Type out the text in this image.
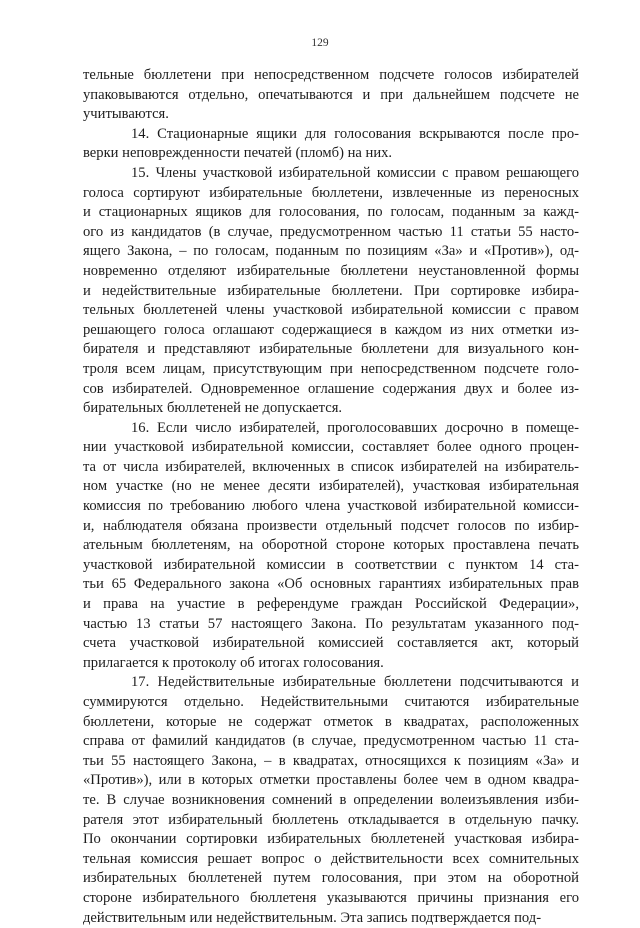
129
тельные бюллетени при непосредственном подсчете голосов избирателей
упаковываются отдельно, опечатываются и при дальнейшем подсчете не
учитываются.
14. Стационарные ящики для голосования вскрываются после про-
верки неповрежденности печатей (пломб) на них.
15. Члены участковой избирательной комиссии с правом решающего
голоса сортируют избирательные бюллетени, извлеченные из переносных
и стационарных ящиков для голосования, по голосам, поданным за кажд-
ого из кандидатов (в случае, предусмотренном частью 11 статьи 55 насто-
ящего Закона, – по голосам, поданным по позициям «За» и «Против»), од-
новременно отделяют избирательные бюллетени неустановленной формы
и недействительные избирательные бюллетени. При сортировке избира-
тельных бюллетеней члены участковой избирательной комиссии с правом
решающего голоса оглашают содержащиеся в каждом из них отметки из-
бирателя и представляют избирательные бюллетени для визуального кон-
троля всем лицам, присутствующим при непосредственном подсчете голо-
сов избирателей. Одновременное оглашение содержания двух и более из-
бирательных бюллетеней не допускается.
16. Если число избирателей, проголосовавших досрочно в помеще-
нии участковой избирательной комиссии, составляет более одного процен-
та от числа избирателей, включенных в список избирателей на избиратель-
ном участке (но не менее десяти избирателей), участковая избирательная
комиссия по требованию любого члена участковой избирательной комисси-
и, наблюдателя обязана произвести отдельный подсчет голосов по избир-
ательным бюллетеням, на оборотной стороне которых проставлена печать
участковой избирательной комиссии в соответствии с пунктом 14 ста-
тьи 65 Федерального закона «Об основных гарантиях избирательных прав
и права на участие в референдуме граждан Российской Федерации»,
частью 13 статьи 57 настоящего Закона. По результатам указанного под-
счета участковой избирательной комиссией составляется акт, который
прилагается к протоколу об итогах голосования.
17. Недействительные избирательные бюллетени подсчитываются и
суммируются отдельно. Недействительными считаются избирательные
бюллетени, которые не содержат отметок в квадратах, расположенных
справа от фамилий кандидатов (в случае, предусмотренном частью 11 ста-
тьи 55 настоящего Закона, – в квадратах, относящихся к позициям «За» и
«Против»), или в которых отметки проставлены более чем в одном квадра-
те. В случае возникновения сомнений в определении волеизъявления изби-
рателя этот избирательный бюллетень откладывается в отдельную пачку.
По окончании сортировки избирательных бюллетеней участковая избира-
тельная комиссия решает вопрос о действительности всех сомнительных
избирательных бюллетеней путем голосования, при этом на оборотной
стороне избирательного бюллетеня указываются причины признания его
действительным или недействительным. Эта запись подтверждается под-
